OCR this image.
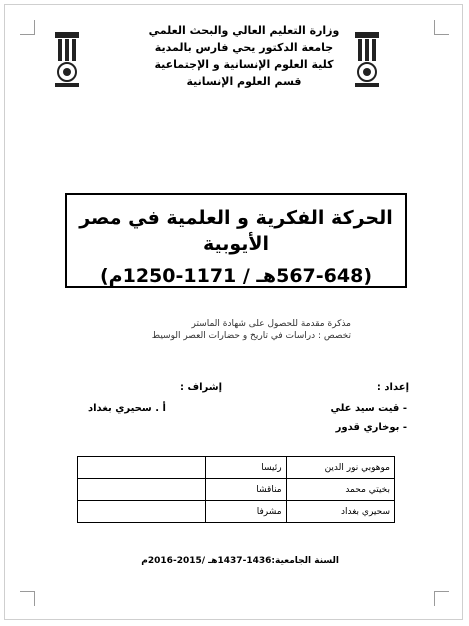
وزارة التعليم العالي والبحث العلمي
جامعة الدكتور يحي فارس بالمدية
كلية العلوم الإنسانية و الإجتماعية
قسم العلوم الإنسانية
الحركة الفكرية و العلمية في مصر الأيوبية
(567-648هـ / 1171-1250م)
مذكرة مقدمة للحصول على شهادة الماستر
تخصص : دراسات في تاريخ و حضارات العصر الوسيط
إعداد :
- قيت سيد علي
- بوخاري قدور
إشراف :
أ . سحيري بغداد
موهوبي نور الدين	رئيسا	
بخيتي محمد	مناقشا	
سحيري بغداد	مشرفا	
السنة الجامعية:1436-1437هـ /2015-2016م
